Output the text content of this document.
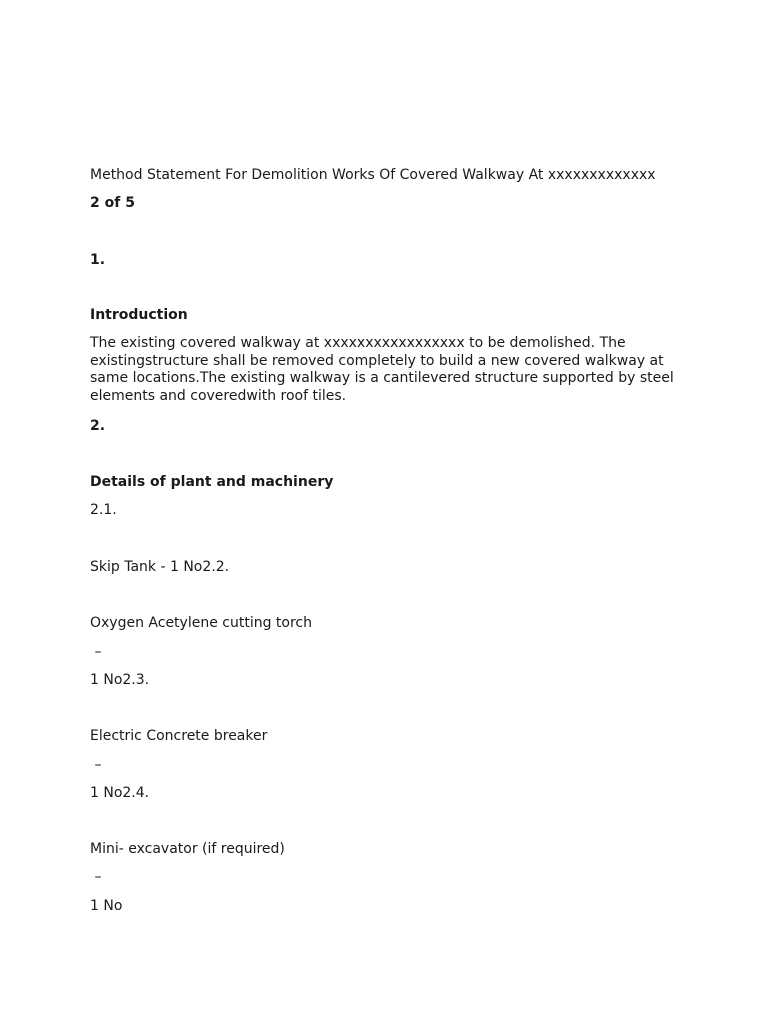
Method Statement For Demolition Works Of Covered Walkway At xxxxxxxxxxxxx
2 of 5
1.
Introduction
The existing covered walkway at xxxxxxxxxxxxxxxxx to be demolished. The existingstructure shall be removed completely to build a new covered walkway at same locations.The existing walkway is a cantilevered structure supported by steel elements and coveredwith roof tiles.
2.
Details of plant and machinery
2.1.
Skip Tank - 1 No2.2.
Oxygen Acetylene cutting torch
–
1 No2.3.
Electric Concrete breaker
–
1 No2.4.
Mini- excavator (if required)
–
1 No
